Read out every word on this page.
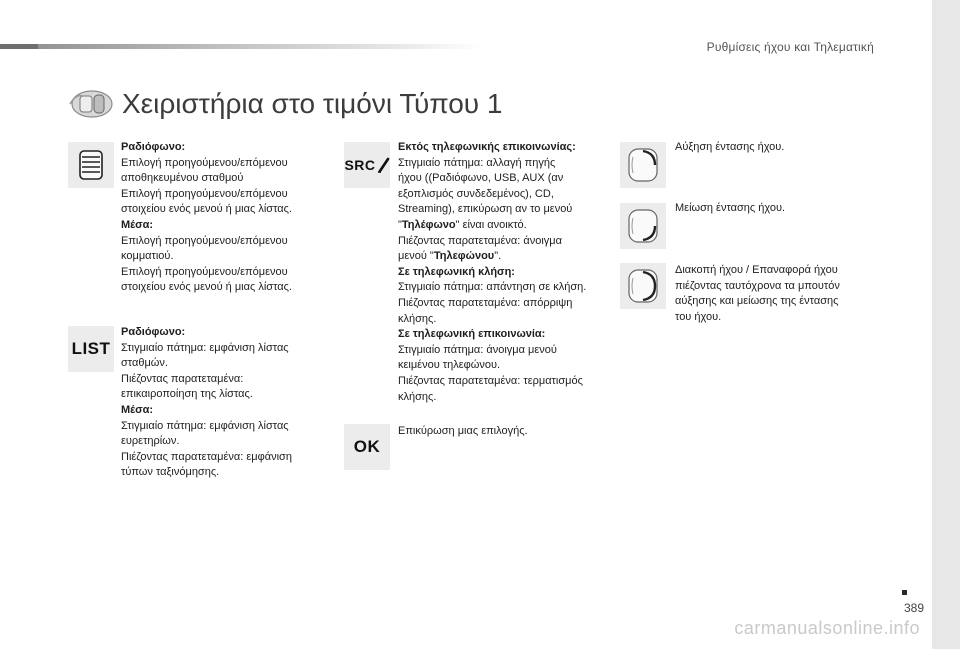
Ρυθμίσεις ήχου και Τηλεματική
Χειριστήρια στο τιμόνι Τύπου 1

Ραδιόφωνο:

Επιλογή προηγούμενου/επόμενου

αποθηκευμένου σταθμού

Επιλογή προηγούμενου/επόμενου

στοιχείου ενός μενού ή μιας λίστας.

Μέσα:

Επιλογή προηγούμενου/επόμενου

κομματιού.

Επιλογή προηγούμενου/επόμενου

στοιχείου ενός μενού ή μιας λίστας.

LIST

Ραδιόφωνο:

Στιγμιαίο πάτημα: εμφάνιση λίστας

σταθμών.

Πιέζοντας παρατεταμένα:

επικαιροποίηση της λίστας.

Μέσα:

Στιγμιαίο πάτημα: εμφάνιση λίστας

ευρετηρίων.

Πιέζοντας παρατεταμένα: εμφάνιση

τύπων ταξινόμησης.

SRC

Εκτός τηλεφωνικής επικοινωνίας:

Στιγμιαίο πάτημα: αλλαγή πηγής

ήχου ((Ραδιόφωνο, USB, AUX (αν

εξοπλισμός συνδεδεμένος), CD,

Streaming), επικύρωση αν το μενού

"Τηλέφωνο" είναι ανοικτό.

Πιέζοντας παρατεταμένα: άνοιγμα

μενού "Τηλεφώνου".

Σε τηλεφωνική κλήση:

Στιγμιαίο πάτημα: απάντηση σε κλήση.

Πιέζοντας παρατεταμένα: απόρριψη

κλήσης.

Σε τηλεφωνική επικοινωνία:

Στιγμιαίο πάτημα: άνοιγμα μενού

κειμένου τηλεφώνου.

Πιέζοντας παρατεταμένα: τερματισμός

κλήσης.

OK

Επικύρωση μιας επιλογής.

Αύξηση έντασης ήχου.

Μείωση έντασης ήχου.

Διακοπή ήχου / Επαναφορά ήχου

πιέζοντας ταυτόχρονα τα μπουτόν

αύξησης και μείωσης της έντασης

του ήχου.

389
carmanualsonline.info
